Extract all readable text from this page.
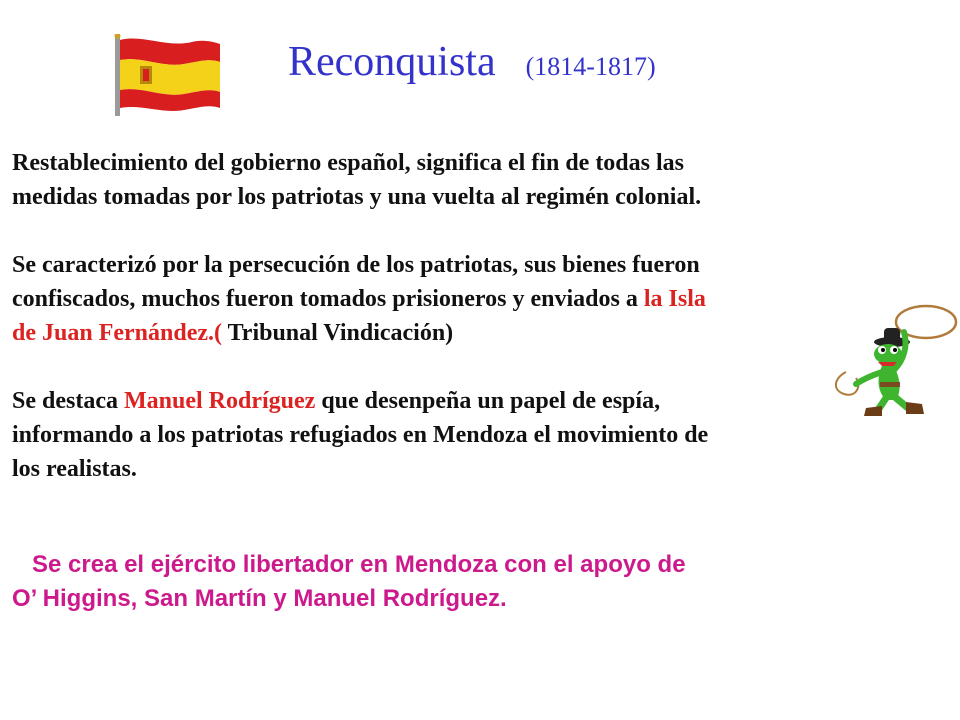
Reconquista (1814-1817)

Restablecimiento del gobierno español, significa el fin de todas las

medidas tomadas por los patriotas y una vuelta al regimén colonial.

Se caracterizó por la persecución de los patriotas, sus bienes fueron

confiscados, muchos fueron tomados prisioneros y enviados a la Isla

de Juan Fernández.( Tribunal Vindicación)

Se destaca Manuel Rodríguez que desenpeña un papel de espía,

informando a los patriotas refugiados en Mendoza el movimiento de

los realistas.

Se crea el ejército libertador en Mendoza con el apoyo de

O’ Higgins, San Martín y Manuel Rodríguez.
